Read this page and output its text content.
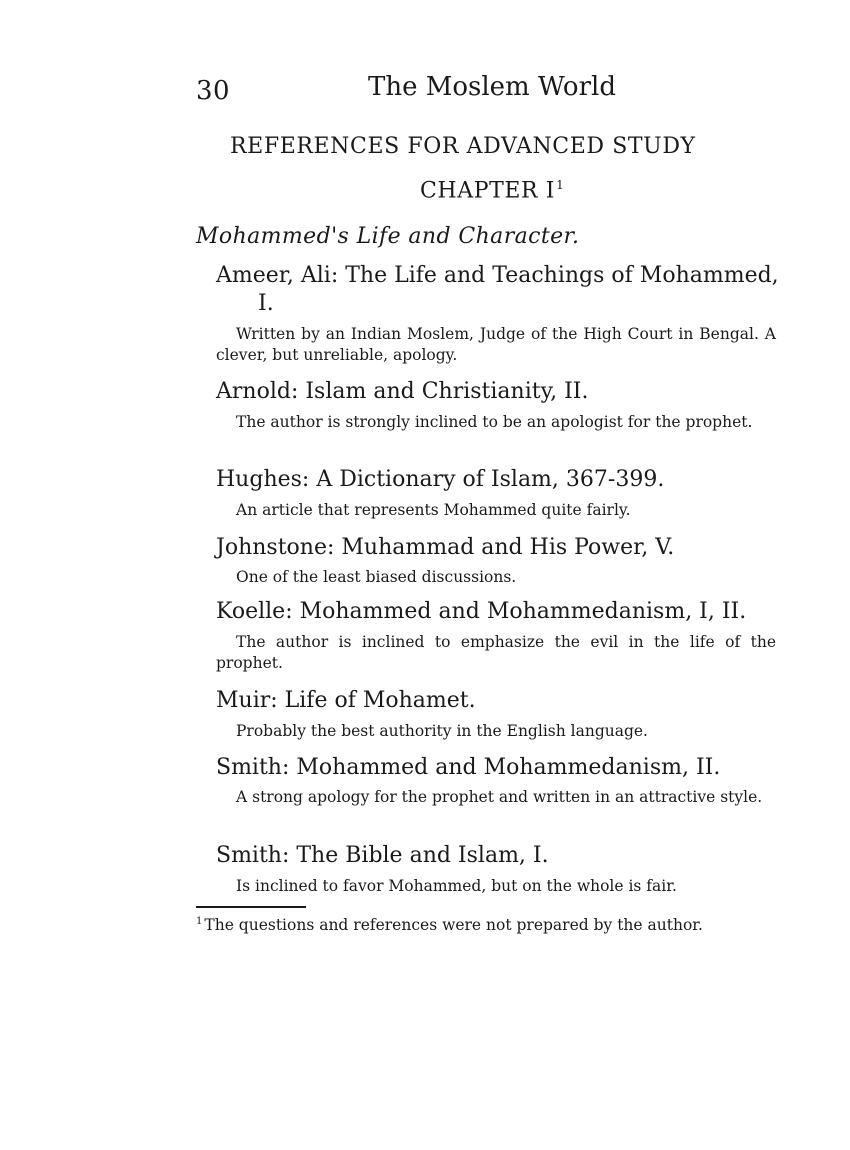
30	The Moslem World
REFERENCES FOR ADVANCED STUDY
CHAPTER $I^1$
Mohammed's Life and Character.
Ameer, Ali: The Life and Teachings of Mohammed,
I.
Written by an Indian Moslem, Judge of the High Court in Bengal. A clever, but unreliable, apology.
Arnold: Islam and Christianity, II.
The author is strongly inclined to be an apologist for the prophet.
Hughes: A Dictionary of Islam, 367-399.
An article that represents Mohammed quite fairly.
Johnstone: Muhammad and His Power, V.
One of the least biased discussions.
Koelle: Mohammed and Mohammedanism, I, II.
The author is inclined to emphasize the evil in the life of the prophet.
Muir: Life of Mohamet.
Probably the best authority in the English language.
Smith: Mohammed and Mohammedanism, II.
A strong apology for the prophet and written in an attractive style.
Smith: The Bible and Islam, I.
Is inclined to favor Mohammed, but on the whole is fair.
$^1$ The questions and references were not prepared by the author.
